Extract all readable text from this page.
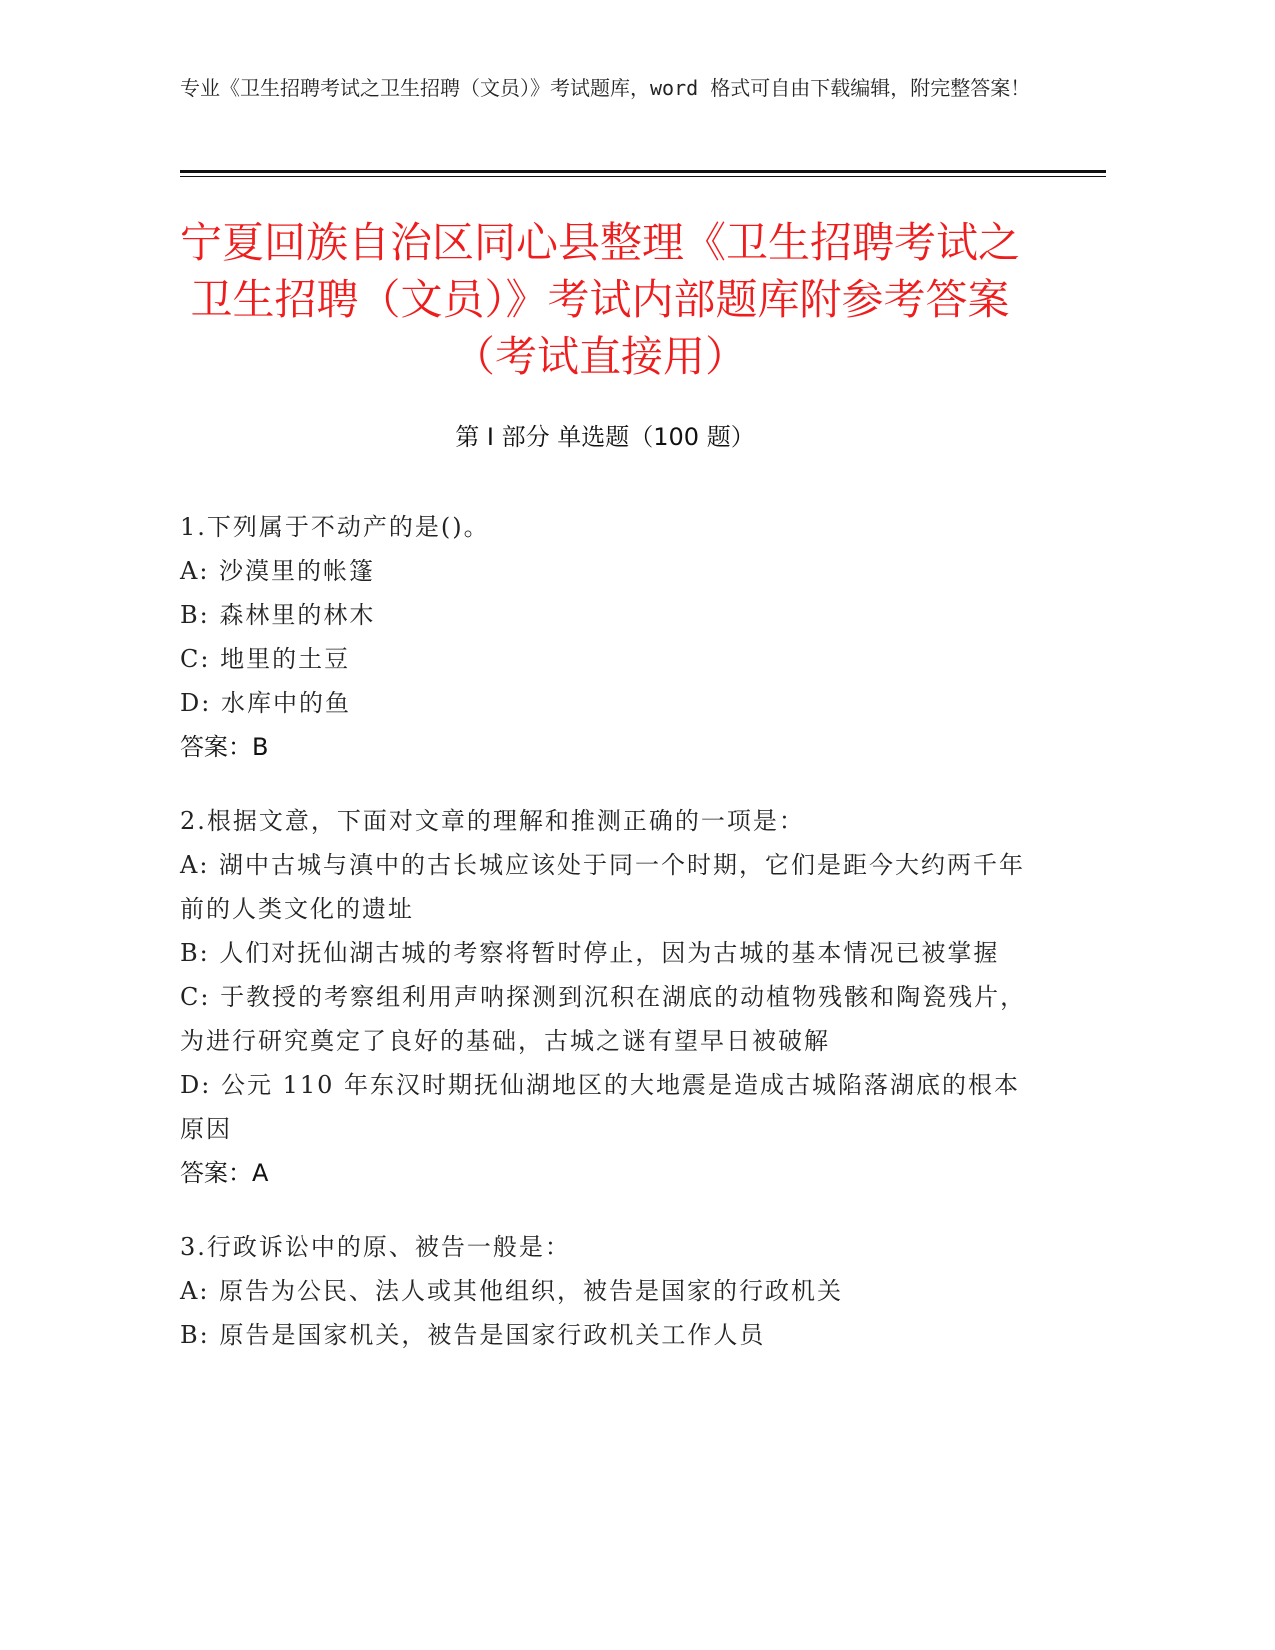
专业《卫生招聘考试之卫生招聘（文员）》考试题库，word 格式可自由下载编辑，附完整答案！
宁夏回族自治区同心县整理《卫生招聘考试之卫生招聘（文员）》考试内部题库附参考答案（考试直接用）
第 I 部分 单选题（100 题）
1.下列属于不动产的是()。
A: 沙漠里的帐篷
B: 森林里的林木
C: 地里的土豆
D: 水库中的鱼
答案：B
2.根据文意，下面对文章的理解和推测正确的一项是：
A: 湖中古城与滇中的古长城应该处于同一个时期，它们是距今大约两千年前的人类文化的遗址
B: 人们对抚仙湖古城的考察将暂时停止，因为古城的基本情况已被掌握
C: 于教授的考察组利用声呐探测到沉积在湖底的动植物残骸和陶瓷残片，为进行研究奠定了良好的基础，古城之谜有望早日被破解
D: 公元 110 年东汉时期抚仙湖地区的大地震是造成古城陷落湖底的根本原因
答案：A
3.行政诉讼中的原、被告一般是：
A: 原告为公民、法人或其他组织，被告是国家的行政机关
B: 原告是国家机关，被告是国家行政机关工作人员
